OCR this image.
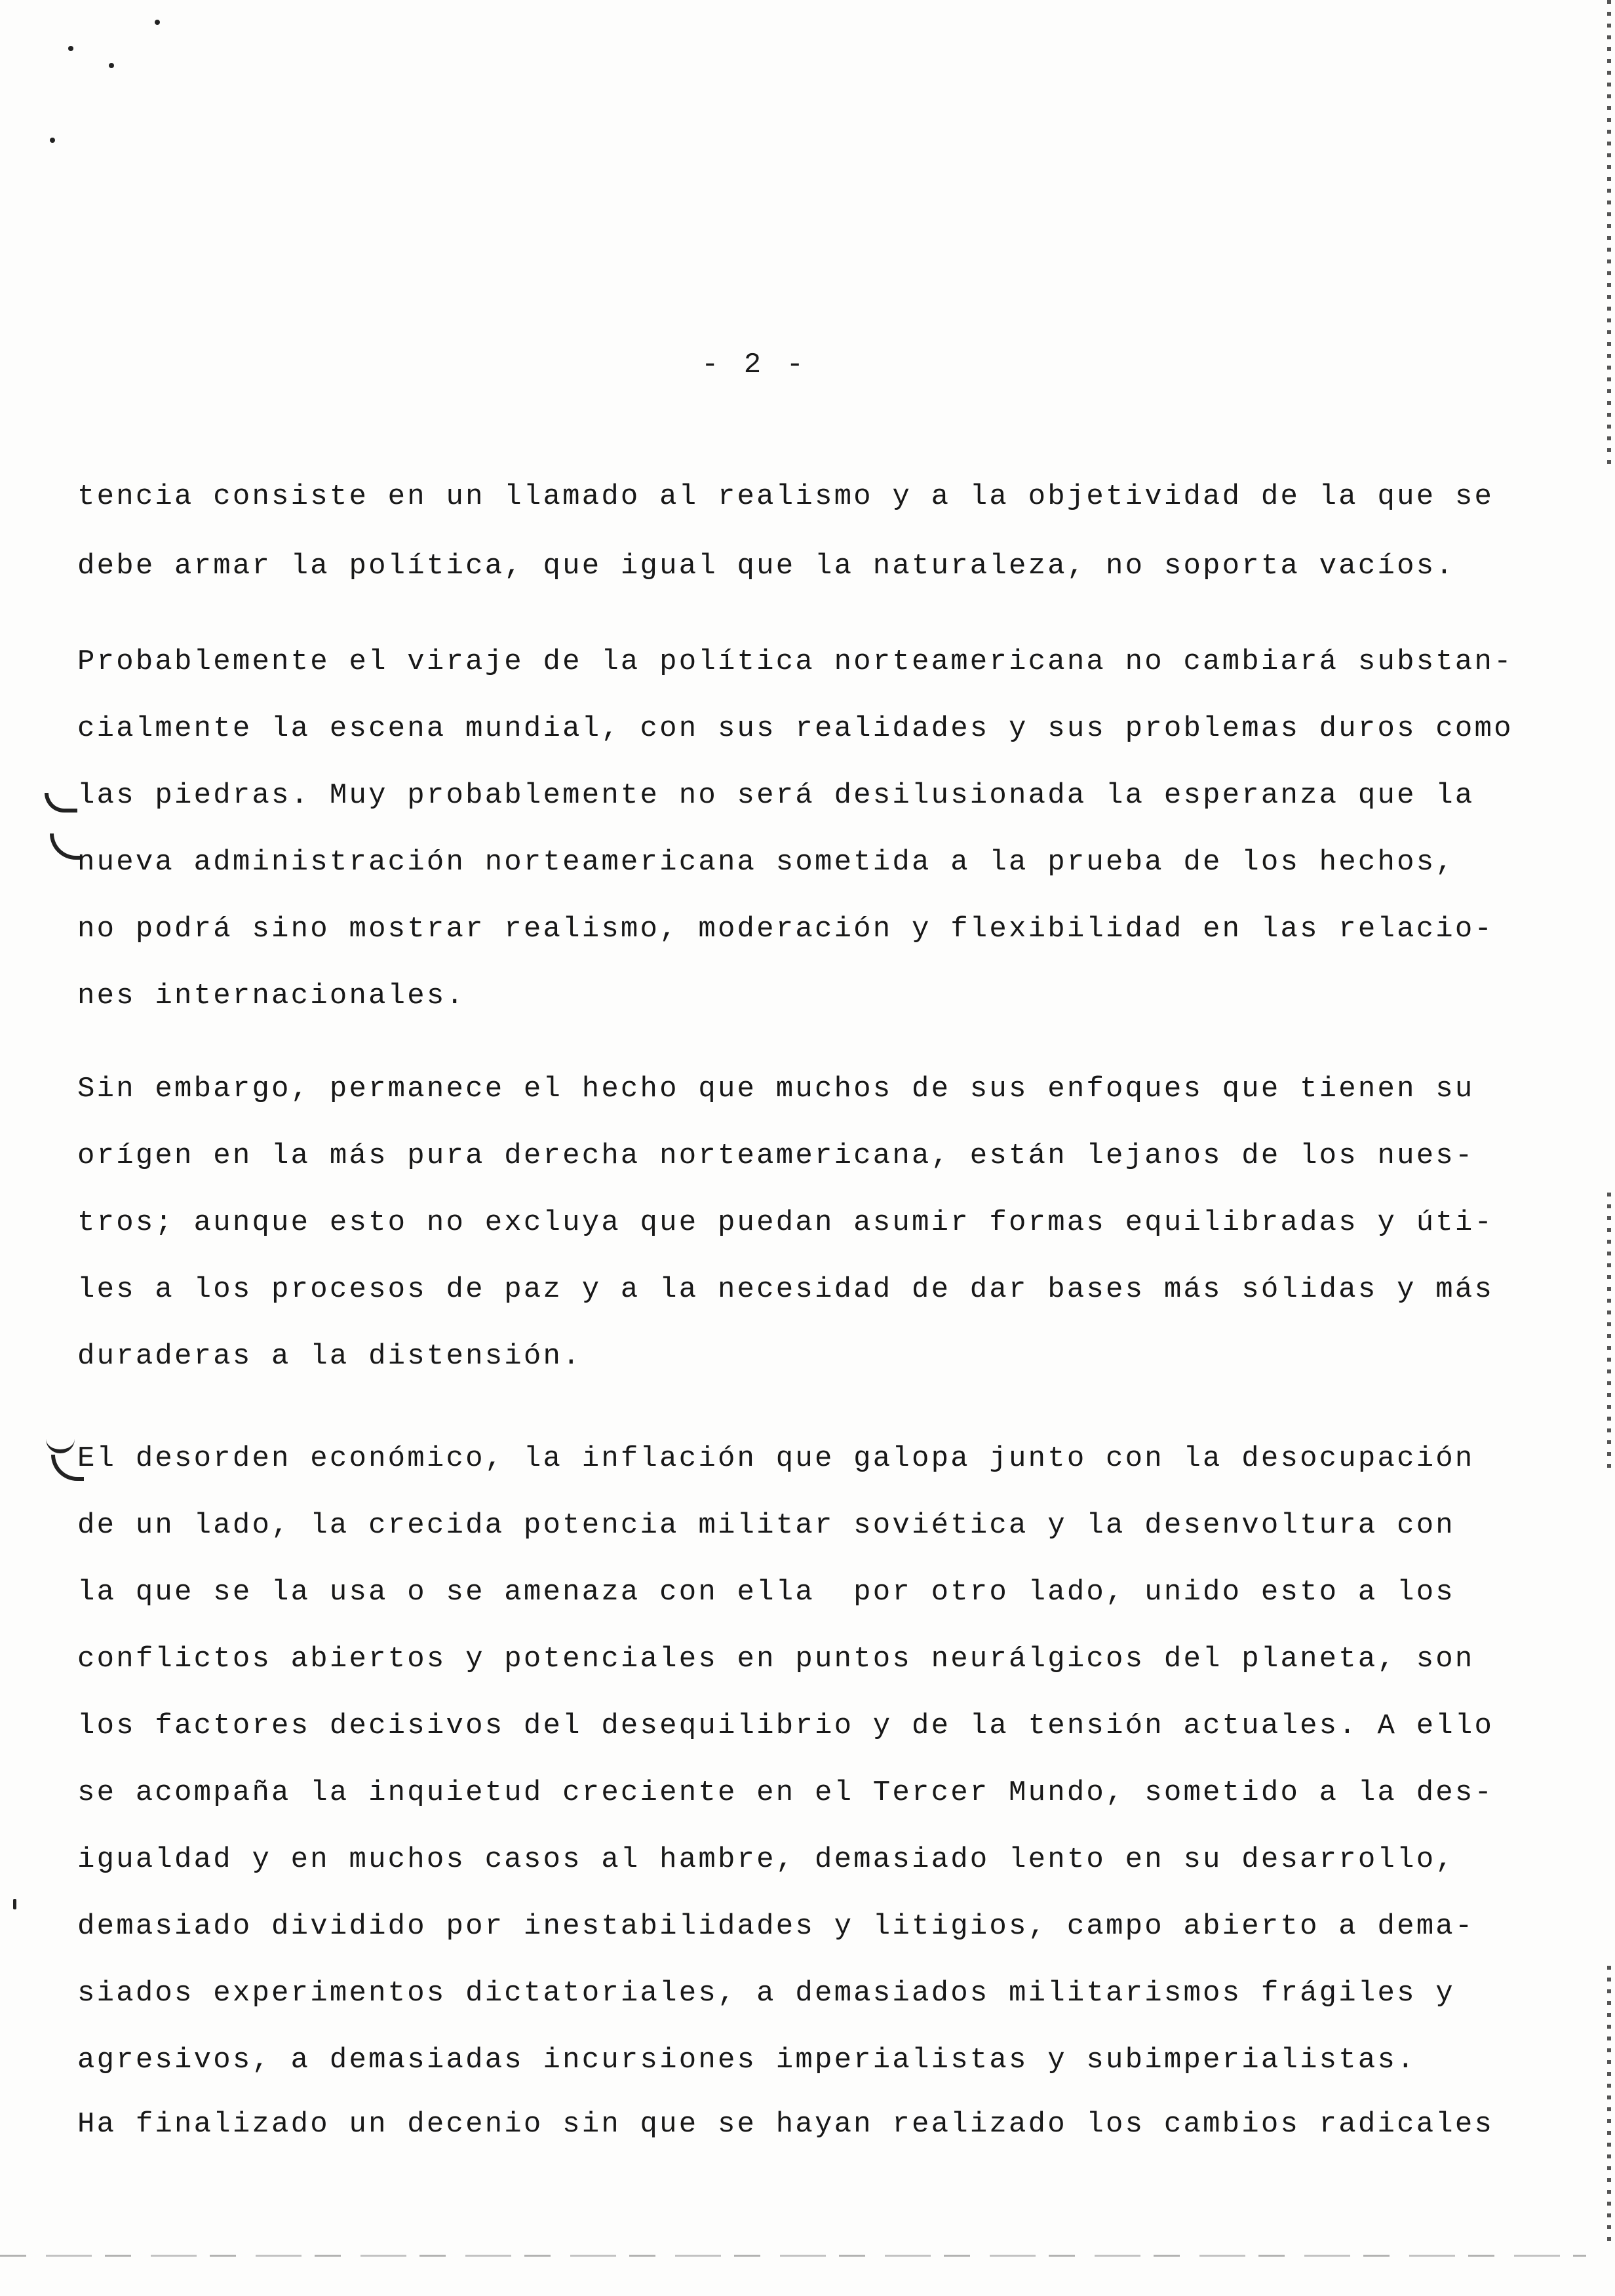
- 2 -
tencia consiste en un llamado al realismo y a la objetividad de la que se
debe armar la política, que igual que la naturaleza, no soporta vacíos.
Probablemente el viraje de la política norteamericana no cambiará substan-
cialmente la escena mundial, con sus realidades y sus problemas duros como
las piedras. Muy probablemente no será desilusionada la esperanza que la
nueva administración norteamericana sometida a la prueba de los hechos,
no podrá sino mostrar realismo, moderación y flexibilidad en las relacio-
nes internacionales.
Sin embargo, permanece el hecho que muchos de sus enfoques que tienen su
orígen en la más pura derecha norteamericana, están lejanos de los nues-
tros; aunque esto no excluya que puedan asumir formas equilibradas y úti-
les a los procesos de paz y a la necesidad de dar bases más sólidas y más
duraderas a la distensión.
El desorden económico, la inflación que galopa junto con la desocupación
de un lado, la crecida potencia militar soviética y la desenvoltura con
la que se la usa o se amenaza con ella  por otro lado, unido esto a los
conflictos abiertos y potenciales en puntos neurálgicos del planeta, son
los factores decisivos del desequilibrio y de la tensión actuales. A ello
se acompaña la inquietud creciente en el Tercer Mundo, sometido a la des-
igualdad y en muchos casos al hambre, demasiado lento en su desarrollo,
demasiado dividido por inestabilidades y litigios, campo abierto a dema-
siados experimentos dictatoriales, a demasiados militarismos frágiles y
agresivos, a demasiadas incursiones imperialistas y subimperialistas.
Ha finalizado un decenio sin que se hayan realizado los cambios radicales
